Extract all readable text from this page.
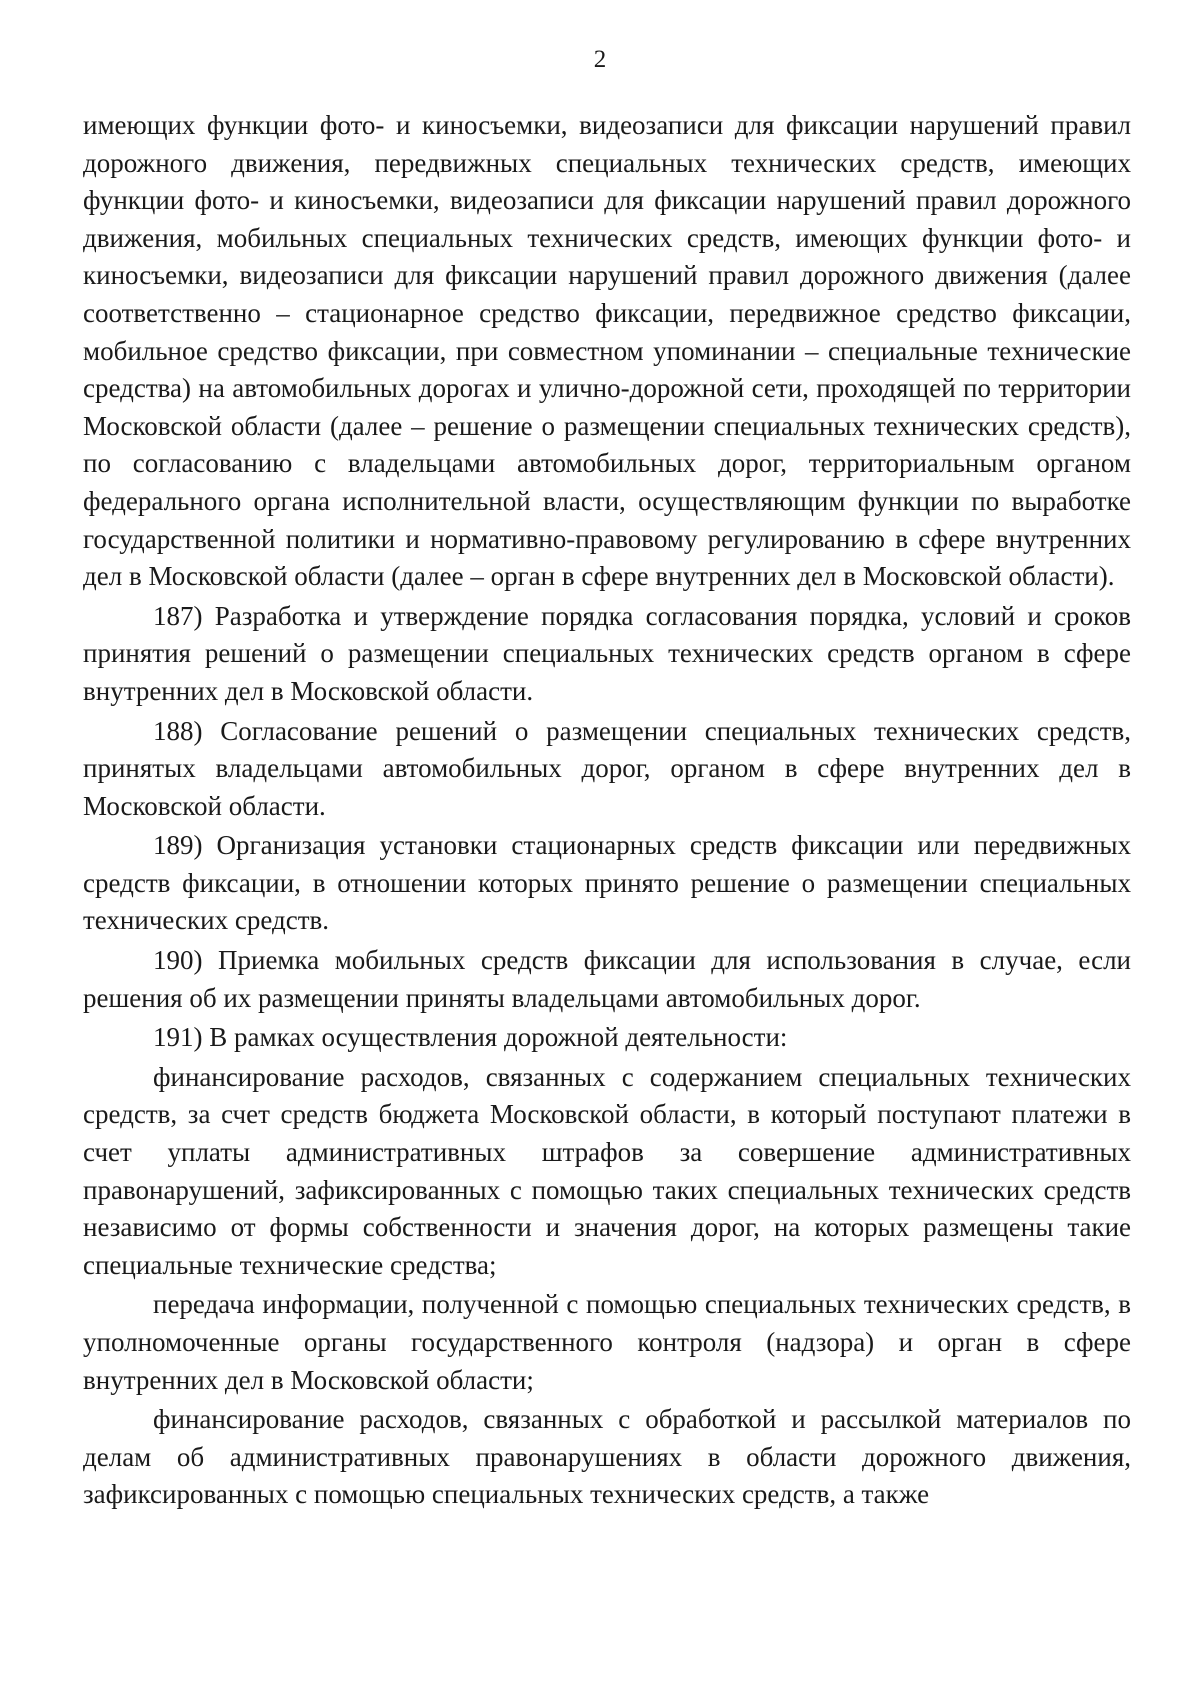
2

имеющих функции фото- и киносъемки, видеозаписи для фиксации нарушений правил дорожного движения, передвижных специальных технических средств, имеющих функции фото- и киносъемки, видеозаписи для фиксации нарушений правил дорожного движения, мобильных специальных технических средств, имеющих функции фото- и киносъемки, видеозаписи для фиксации нарушений правил дорожного движения (далее соответственно – стационарное средство фиксации, передвижное средство фиксации, мобильное средство фиксации, при совместном упоминании – специальные технические средства) на автомобильных дорогах и улично-дорожной сети, проходящей по территории Московской области (далее – решение о размещении специальных технических средств), по согласованию с владельцами автомобильных дорог, территориальным органом федерального органа исполнительной власти, осуществляющим функции по выработке государственной политики и нормативно-правовому регулированию в сфере внутренних дел в Московской области (далее – орган в сфере внутренних дел в Московской области).

187) Разработка и утверждение порядка согласования порядка, условий и сроков принятия решений о размещении специальных технических средств органом в сфере внутренних дел в Московской области.

188) Согласование решений о размещении специальных технических средств, принятых владельцами автомобильных дорог, органом в сфере внутренних дел в Московской области.

189) Организация установки стационарных средств фиксации или передвижных средств фиксации, в отношении которых принято решение о размещении специальных технических средств.

190) Приемка мобильных средств фиксации для использования в случае, если решения об их размещении приняты владельцами автомобильных дорог.

191) В рамках осуществления дорожной деятельности:

финансирование расходов, связанных с содержанием специальных технических средств, за счет средств бюджета Московской области, в который поступают платежи в счет уплаты административных штрафов за совершение административных правонарушений, зафиксированных с помощью таких специальных технических средств независимо от формы собственности и значения дорог, на которых размещены такие специальные технические средства;

передача информации, полученной с помощью специальных технических средств, в уполномоченные органы государственного контроля (надзора) и орган в сфере внутренних дел в Московской области;

финансирование расходов, связанных с обработкой и рассылкой материалов по делам об административных правонарушениях в области дорожного движения, зафиксированных с помощью специальных технических средств, а также
